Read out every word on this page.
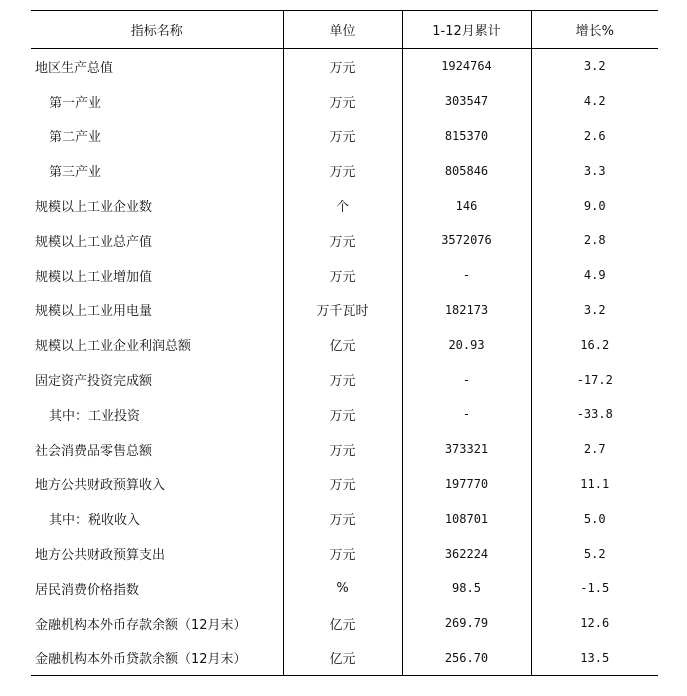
指标名称	单位	1-12月累计	增长%
地区生产总值	万元	1924764	3.2
第一产业	万元	303547	4.2
第二产业	万元	815370	2.6
第三产业	万元	805846	3.3
规模以上工业企业数	个	146	9.0
规模以上工业总产值	万元	3572076	2.8
规模以上工业增加值	万元	-	4.9
规模以上工业用电量	万千瓦时	182173	3.2
规模以上工业企业利润总额	亿元	20.93	16.2
固定资产投资完成额	万元	-	-17.2
其中：工业投资	万元	-	-33.8
社会消费品零售总额	万元	373321	2.7
地方公共财政预算收入	万元	197770	11.1
其中：税收收入	万元	108701	5.0
地方公共财政预算支出	万元	362224	5.2
居民消费价格指数	%	98.5	-1.5
金融机构本外币存款余额（12月末）	亿元	269.79	12.6
金融机构本外币贷款余额（12月末）	亿元	256.70	13.5
